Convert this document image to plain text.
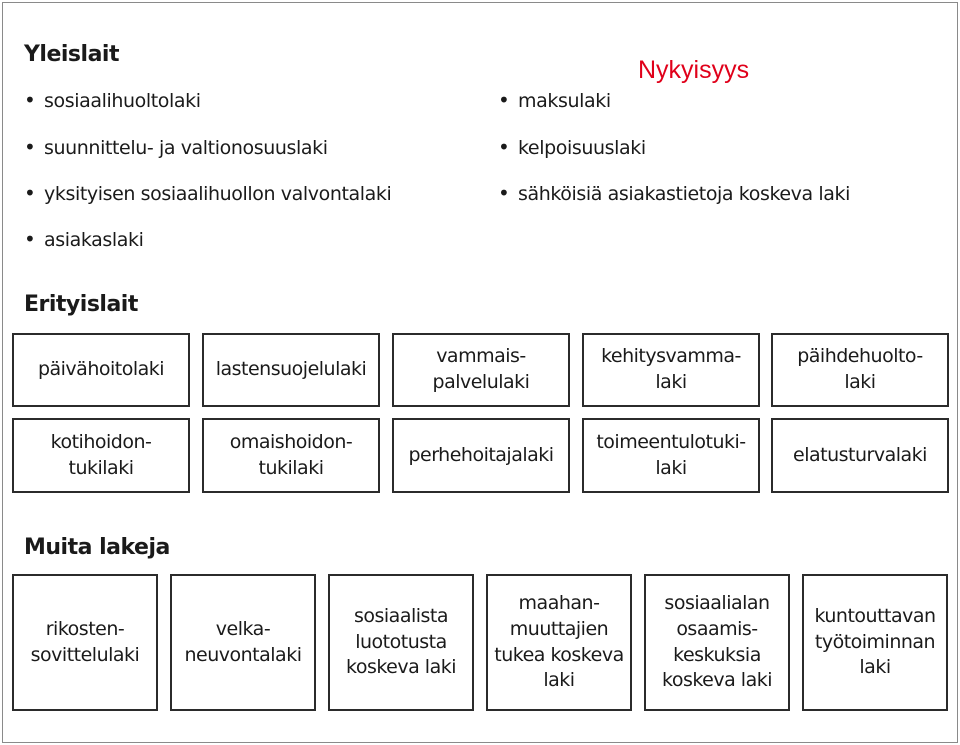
Nykyisyys
Yleislait
• sosiaalihuoltolaki
• suunnittelu- ja valtionosuuslaki
• yksityisen sosiaalihuollon valvontalaki
• asiakaslaki
• maksulaki
• kelpoisuuslaki
• sähköisiä asiakastietoja koskeva laki
Erityislait
päivähoitolaki	lastensuojelulaki
vammais-
palvelulaki
kehitysvamma-
laki
päihdehuolto-
laki
kotihoidon-
tukilaki
omaishoidon-
tukilaki
perhehoitajalaki
toimeentulotuki-
laki
elatusturvalaki
Muita lakeja
rikosten-
sovittelulaki
velka-
neuvontalaki
sosiaalista
luototusta
koskeva laki
maahan-
muuttajien
tukea koskeva
laki
sosiaalialan
osaamis-
keskuksia
koskeva laki
kuntouttavan
työtoiminnan
laki
